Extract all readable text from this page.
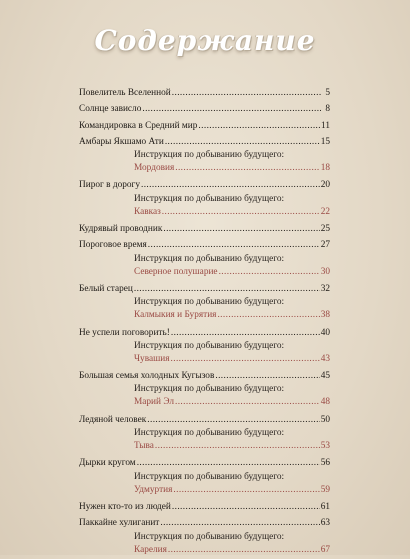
Содержание
Повелитель Вселенной .....	5
Солнце зависло .....	8
Командировка в Средний мир .....	11
Амбары Якшамо Ати .....	15
Инструкция по добыванию будущего:
Мордовия .....	18
Пирог в дорогу .....	20
Инструкция по добыванию будущего:
Кавказ .....	22
Кудрявый проводник .....	25
Пороговое время .....	27
Инструкция по добыванию будущего:
Северное полушарие .....	30
Белый старец .....	32
Инструкция по добыванию будущего:
Калмыкия и Бурятия .....	38
Не успели поговорить! .....	40
Инструкция по добыванию будущего:
Чувашия .....	43
Большая семья холодных Кугызов .....	45
Инструкция по добыванию будущего:
Марий Эл .....	48
Ледяной человек .....	50
Инструкция по добыванию будущего:
Тыва .....	53
Дырки кругом .....	56
Инструкция по добыванию будущего:
Удмуртия .....	59
Нужен кто-то из людей .....	61
Паккайне хулиганит .....	63
Инструкция по добыванию будущего:
Карелия .....	67
